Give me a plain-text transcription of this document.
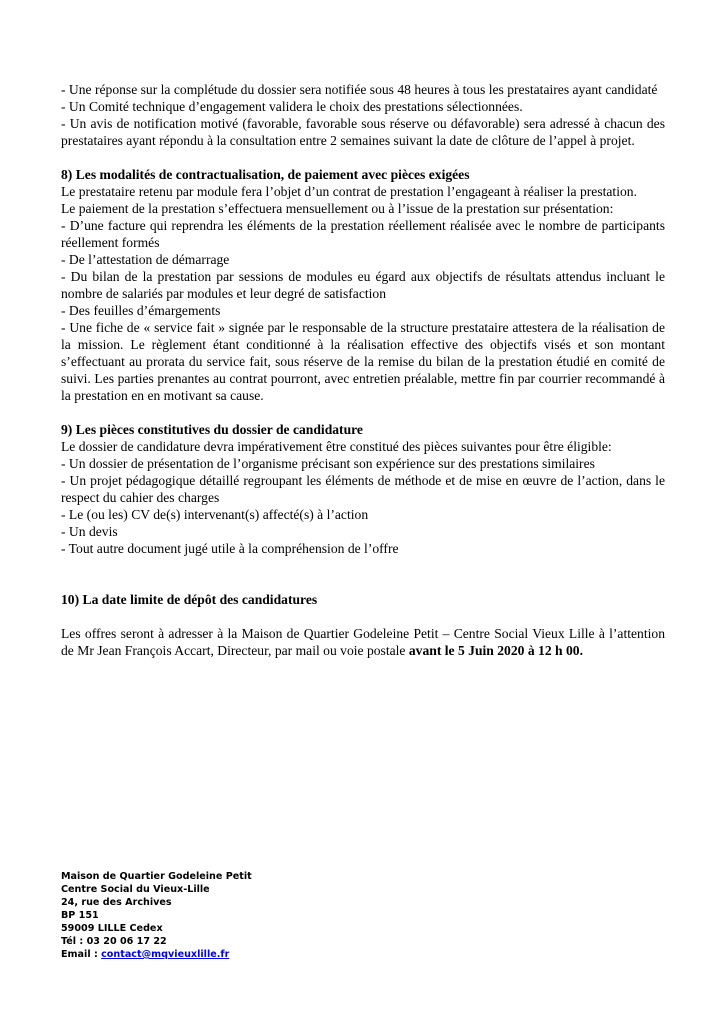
- Une réponse sur la complétude du dossier sera notifiée sous 48 heures à tous les prestataires ayant candidaté

- Un Comité technique d’engagement validera le choix des prestations sélectionnées.

- Un avis de notification motivé (favorable, favorable sous réserve ou défavorable) sera adressé à chacun des prestataires ayant répondu à la consultation entre 2 semaines suivant la date de clôture de l’appel à projet.

8) Les modalités de contractualisation, de paiement avec pièces exigées

Le prestataire retenu par module fera l’objet d’un contrat de prestation l’engageant à réaliser la prestation.

Le paiement de la prestation s’effectuera mensuellement ou à l’issue de la prestation sur présentation:

- D’une facture qui reprendra les éléments de la prestation réellement réalisée avec le nombre de participants réellement formés

- De l’attestation de démarrage

- Du bilan de la prestation par sessions de modules eu égard aux objectifs de résultats attendus incluant le nombre de salariés par modules et leur degré de satisfaction

- Des feuilles d’émargements

- Une fiche de « service fait » signée par le responsable de la structure prestataire attestera de la réalisation de la mission. Le règlement étant conditionné à la réalisation effective des objectifs visés et son montant s’effectuant au prorata du service fait, sous réserve de la remise du bilan de la prestation étudié en comité de suivi. Les parties prenantes au contrat pourront, avec entretien préalable, mettre fin par courrier recommandé à la prestation en en motivant sa cause.

9) Les pièces constitutives du dossier de candidature

Le dossier de candidature devra impérativement être constitué des pièces suivantes pour être éligible:

- Un dossier de présentation de l’organisme précisant son expérience sur des prestations similaires

- Un projet pédagogique détaillé regroupant les éléments de méthode et de mise en œuvre de l’action, dans le respect du cahier des charges

- Le (ou les) CV de(s) intervenant(s) affecté(s) à l’action

- Un devis

- Tout autre document jugé utile à la compréhension de l’offre

10) La date limite de dépôt des candidatures

Les offres seront à adresser à la Maison de Quartier Godeleine Petit – Centre Social Vieux Lille à l’attention de Mr Jean François Accart, Directeur, par mail ou voie postale avant le 5 Juin 2020 à 12 h 00.

Maison de Quartier Godeleine Petit
Centre Social du Vieux-Lille
24, rue des Archives
BP 151
59009 LILLE Cedex
Tél : 03 20 06 17 22
Email : contact@mqvieuxlille.fr
